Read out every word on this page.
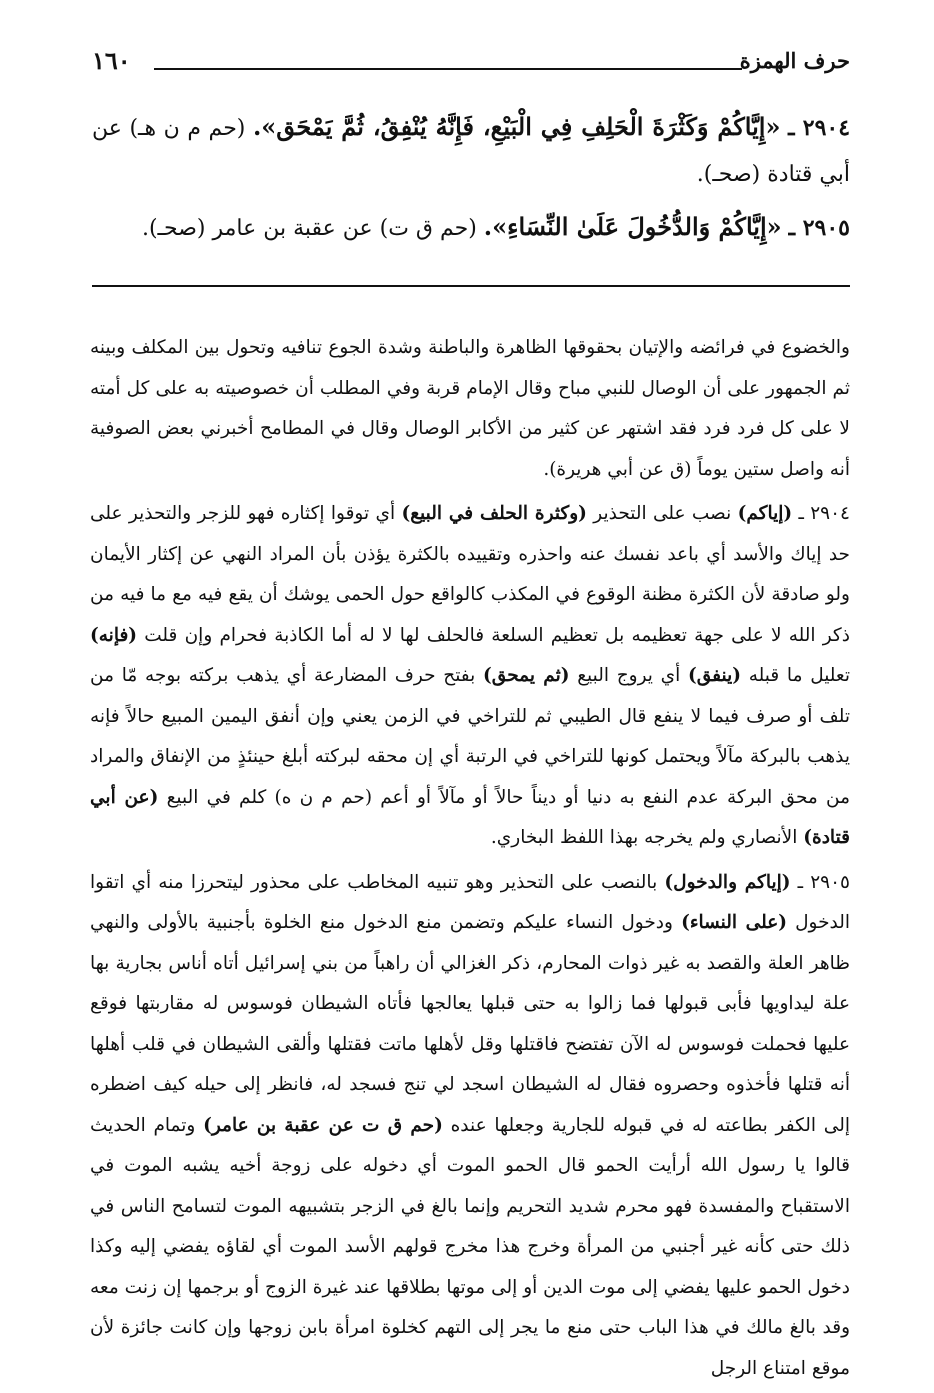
حرف الهمزة
١٦٠

٢٩٠٤ ـ «إِيَّاكُمْ وَكَثْرَةَ الْحَلِفِ فِي الْبَيْعِ، فَإِنَّهُ يُنْفِقُ، ثُمَّ يَمْحَق». (حم م ن هـ) عن أبي قتادة (صحـ).

٢٩٠٥ ـ «إِيَّاكُمْ وَالدُّخُولَ عَلَىٰ النِّسَاءِ». (حم ق ت) عن عقبة بن عامر (صحـ).

والخضوع في فرائضه والإتيان بحقوقها الظاهرة والباطنة وشدة الجوع تنافيه وتحول بين المكلف وبينه ثم الجمهور على أن الوصال للنبي مباح وقال الإمام قربة وفي المطلب أن خصوصيته به على كل أمته لا على كل فرد فرد فقد اشتهر عن كثير من الأكابر الوصال وقال في المطامح أخبرني بعض الصوفية أنه واصل ستين يوماً (ق عن أبي هريرة).

٢٩٠٤ ـ (إياكم) نصب على التحذير (وكثرة الحلف في البيع) أي توقوا إكثاره فهو للزجر والتحذير على حد إياك والأسد أي باعد نفسك عنه واحذره وتقييده بالكثرة يؤذن بأن المراد النهي عن إكثار الأيمان ولو صادقة لأن الكثرة مظنة الوقوع في المكذب كالواقع حول الحمى يوشك أن يقع فيه مع ما فيه من ذكر الله لا على جهة تعظيمه بل تعظيم السلعة فالحلف لها لا له أما الكاذبة فحرام وإن قلت (فإنه) تعليل ما قبله (ينفق) أي يروج البيع (ثم يمحق) بفتح حرف المضارعة أي يذهب بركته بوجه مّا من تلف أو صرف فيما لا ينفع قال الطيبي ثم للتراخي في الزمن يعني وإن أنفق اليمين المبيع حالاً فإنه يذهب بالبركة مآلاً ويحتمل كونها للتراخي في الرتبة أي إن محقه لبركته أبلغ حينئذٍ من الإنفاق والمراد من محق البركة عدم النفع به دنيا أو ديناً حالاً أو مآلاً أو أعم (حم م ن ه) كلم في البيع (عن أبي قتادة) الأنصاري ولم يخرجه بهذا اللفظ البخاري.

٢٩٠٥ ـ (إياكم والدخول) بالنصب على التحذير وهو تنبيه المخاطب على محذور ليتحرزا منه أي اتقوا الدخول (على النساء) ودخول النساء عليكم وتضمن منع الدخول منع الخلوة بأجنبية بالأولى والنهي ظاهر العلة والقصد به غير ذوات المحارم، ذكر الغزالي أن راهباً من بني إسرائيل أتاه أناس بجارية بها علة ليداويها فأبى قبولها فما زالوا به حتى قبلها يعالجها فأتاه الشيطان فوسوس له مقاربتها فوقع عليها فحملت فوسوس له الآن تفتضح فاقتلها وقل لأهلها ماتت فقتلها وألقى الشيطان في قلب أهلها أنه قتلها فأخذوه وحصروه فقال له الشيطان اسجد لي تنج فسجد له، فانظر إلى حيله كيف اضطره إلى الكفر بطاعته له في قبوله للجارية وجعلها عنده (حم ق ت عن عقبة بن عامر) وتمام الحديث قالوا يا رسول الله أرأيت الحمو قال الحمو الموت أي دخوله على زوجة أخيه يشبه الموت في الاستقباح والمفسدة فهو محرم شديد التحريم وإنما بالغ في الزجر بتشبيهه الموت لتسامح الناس في ذلك حتى كأنه غير أجنبي من المرأة وخرج هذا مخرج قولهم الأسد الموت أي لقاؤه يفضي إليه وكذا دخول الحمو عليها يفضي إلى موت الدين أو إلى موتها بطلاقها عند غيرة الزوج أو برجمها إن زنت معه وقد بالغ مالك في هذا الباب حتى منع ما يجر إلى التهم كخلوة امرأة بابن زوجها وإن كانت جائزة لأن موقع امتناع الرجل
